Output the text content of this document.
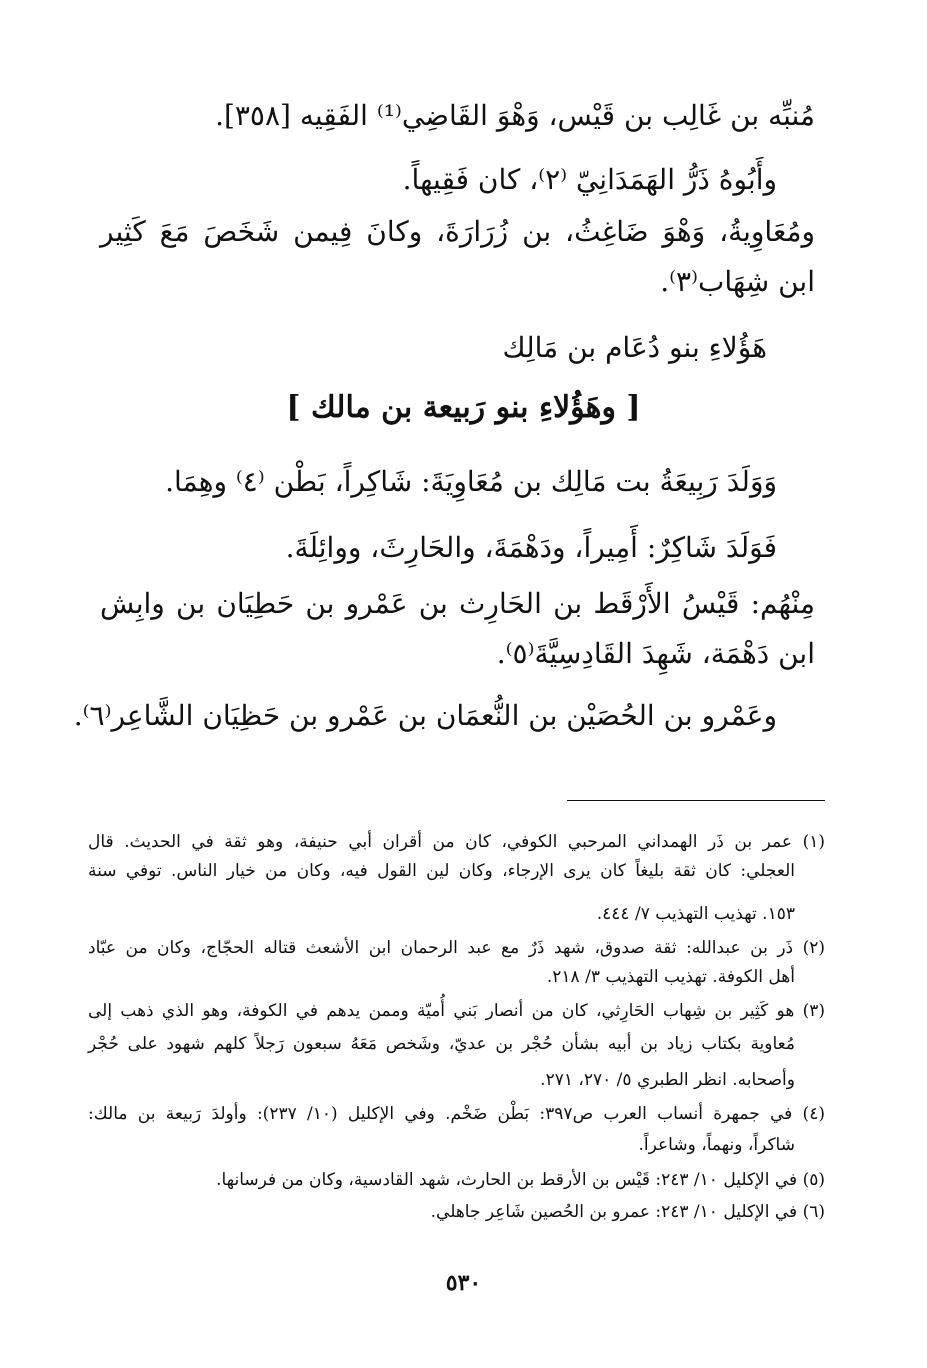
مُنبِّه بن غَالِب بن قَيْس، وَهْوَ القَاضِي⁽¹⁾ الفَقِيه [٣٥٨].
وأَبُوهُ ذَرُّ الهَمَدَانِيّ ⁽٢⁾، كان فَقِيهاً.
ومُعَاوِيةُ، وَهْوَ ضَاغِثُ، بن زُرَارَةَ، وكانَ فِيمن شَخَصَ مَعَ كَثِير
ابن شِهَاب⁽٣⁾.
هَؤُلاءِ بنو دُعَام بن مَالِك
[ وهَؤُلاءِ بنو رَبيعة بن مالك ]
وَوَلَدَ رَبِيعَةُ بت مَالِك بن مُعَاوِيَةَ: شَاكِراً، بَطْن ⁽٤⁾ وهِمَا.
فَوَلَدَ شَاكِرٌ: أَمِيراً، ودَهْمَةَ، والحَارِثَ، ووائِلَةَ.
مِنْهُم: قَيْسُ الأَرْقَط بن الحَارِث بن عَمْرو بن حَطِيَان بن وابِش
ابن دَهْمَة، شَهِدَ القَادِسِيَّةَ⁽٥⁾.
وعَمْرو بن الحُصَيْن بن النُّعمَان بن عَمْرو بن حَظِيَان الشَّاعِر⁽٦⁾.
(١) عمر بن ذَر الهمداني المرحبي الكوفي، كان من أقران أبي حنيفة، وهو ثقة في الحديث. قال
العجلي: كان ثقة بليغاً كان يرى الإرجاء، وكان لين القول فيه، وكان من خيار الناس. توفي سنة
١٥٣. تهذيب التهذيب ٧/ ٤٤٤.
(٢) ذَر بن عبدالله: ثقة صدوق، شهد ذَرٌ مع عبد الرحمان ابن الأشعث قتاله الحجّاج، وكان من عبّاد
أهل الكوفة. تهذيب التهذيب ٣/ ٢١٨.
(٣) هو كَثِير بن شِهاب الحَارِثي، كان من أنصار بَني أُميّة وممن يدهم في الكوفة، وهو الذي ذهب إلى
مُعاوية بكتاب زياد بن أبيه بشأن حُجْر بن عديّ، وشَخص مَعَهُ سبعون رَجلاً كلهم شهود على حُجْر
وأصحابه. انظر الطبري ٥/ ٢٧٠، ٢٧١.
(٤) في جمهرة أنساب العرب ص٣٩٧: بَطْن ضَخْم. وفي الإكليل (١٠/ ٢٣٧): وأولدَ رَبيعة بن مالك:
شاكراً، ونهماً، وشاعراً.
(٥) في الإكليل ١٠/ ٢٤٣: قَيْس بن الأرقط بن الحارث، شهد القادسية، وكان من فرسانها.
(٦) في الإكليل ١٠/ ٢٤٣: عمرو بن الحُصين شَاعِر جاهلي.
٥٣٠
